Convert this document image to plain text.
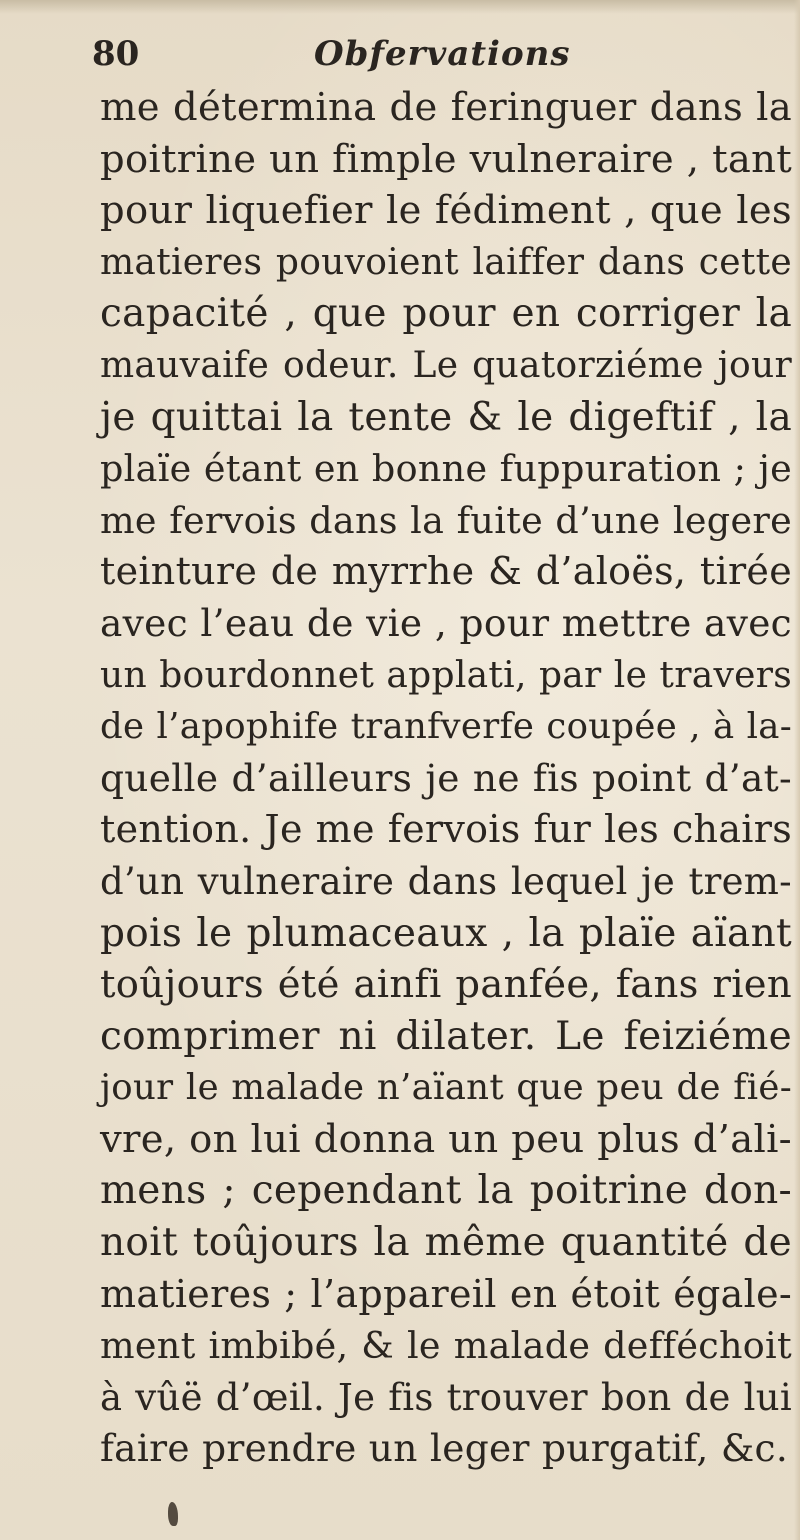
80	Obfervations
me détermina de feringuer dans la
poitrine un fimple vulneraire , tant
pour liquefier le fédiment , que les
matieres pouvoient laiffer dans cette
capacité , que pour en corriger la
mauvaife odeur. Le quatorziéme jour
je quittai la tente & le digeftif , la
plaïe étant en bonne fuppuration ; je
me fervois dans la fuite d’une legere
teinture de myrrhe & d’aloës, tirée
avec l’eau de vie , pour mettre avec
un bourdonnet applati, par le travers
de l’apophife tranfverfe coupée , à la-
quelle d’ailleurs je ne fis point d’at-
tention. Je me fervois fur les chairs
d’un vulneraire dans lequel je trem-
pois le plumaceaux , la plaïe aïant
toûjours été ainfi panfée, fans rien
comprimer ni dilater. Le feiziéme
jour le malade n’aïant que peu de fié-
vre, on lui donna un peu plus d’ali-
mens ; cependant la poitrine don-
noit toûjours la même quantité de
matieres ; l’appareil en étoit égale-
ment imbibé, & le malade defféchoit
à vûë d’œil. Je fis trouver bon de lui
faire prendre un leger purgatif, &c.
